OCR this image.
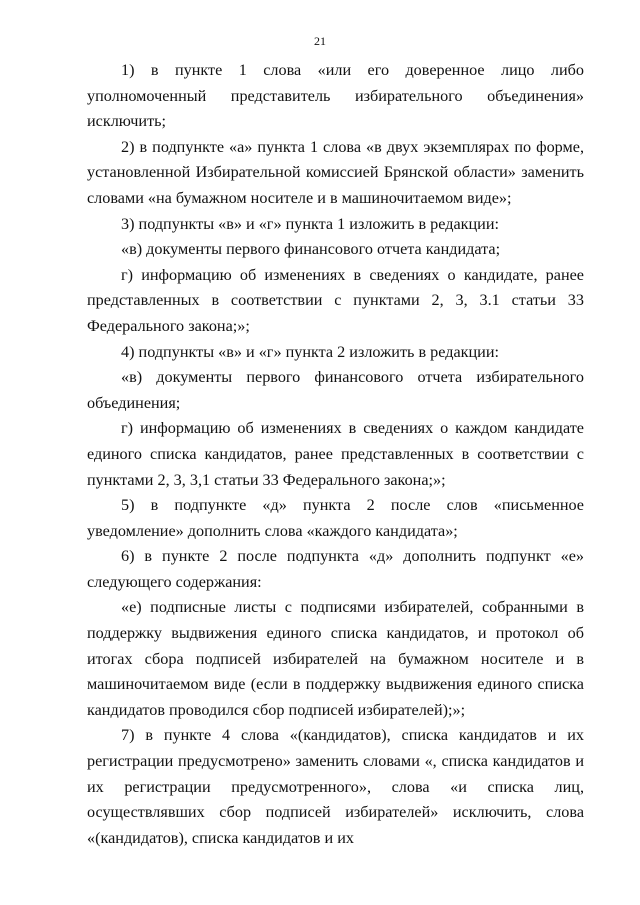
21

1) в пункте 1 слова «или его доверенное лицо либо уполномоченный представитель избирательного объединения» исключить;

2) в подпункте «а» пункта 1 слова «в двух экземплярах по форме, установленной Избирательной комиссией Брянской области» заменить словами «на бумажном носителе и в машиночитаемом виде»;

3) подпункты «в» и «г» пункта 1 изложить в редакции:

«в) документы первого финансового отчета кандидата;

г) информацию об изменениях в сведениях о кандидате, ранее представленных в соответствии с пунктами 2, 3, 3.1 статьи 33 Федерального закона;»;

4) подпункты «в» и «г» пункта 2 изложить в редакции:

«в) документы первого финансового отчета избирательного объединения;

г) информацию об изменениях в сведениях о каждом кандидате единого списка кандидатов, ранее представленных в соответствии с пунктами 2, 3, 3,1 статьи 33 Федерального закона;»;

5) в подпункте «д» пункта 2 после слов «письменное уведомление» дополнить слова «каждого кандидата»;

6) в пункте 2 после подпункта «д» дополнить подпункт «е» следующего содержания:

«е) подписные листы с подписями избирателей, собранными в поддержку выдвижения единого списка кандидатов, и протокол об итогах сбора подписей избирателей на бумажном носителе и в машиночитаемом виде (если в поддержку выдвижения единого списка кандидатов проводился сбор подписей избирателей);»;

7) в пункте 4 слова «(кандидатов), списка кандидатов и их регистрации предусмотрено» заменить словами «, списка кандидатов и их регистрации предусмотренного», слова «и списка лиц, осуществлявших сбор подписей избирателей» исключить, слова «(кандидатов), списка кандидатов и их
